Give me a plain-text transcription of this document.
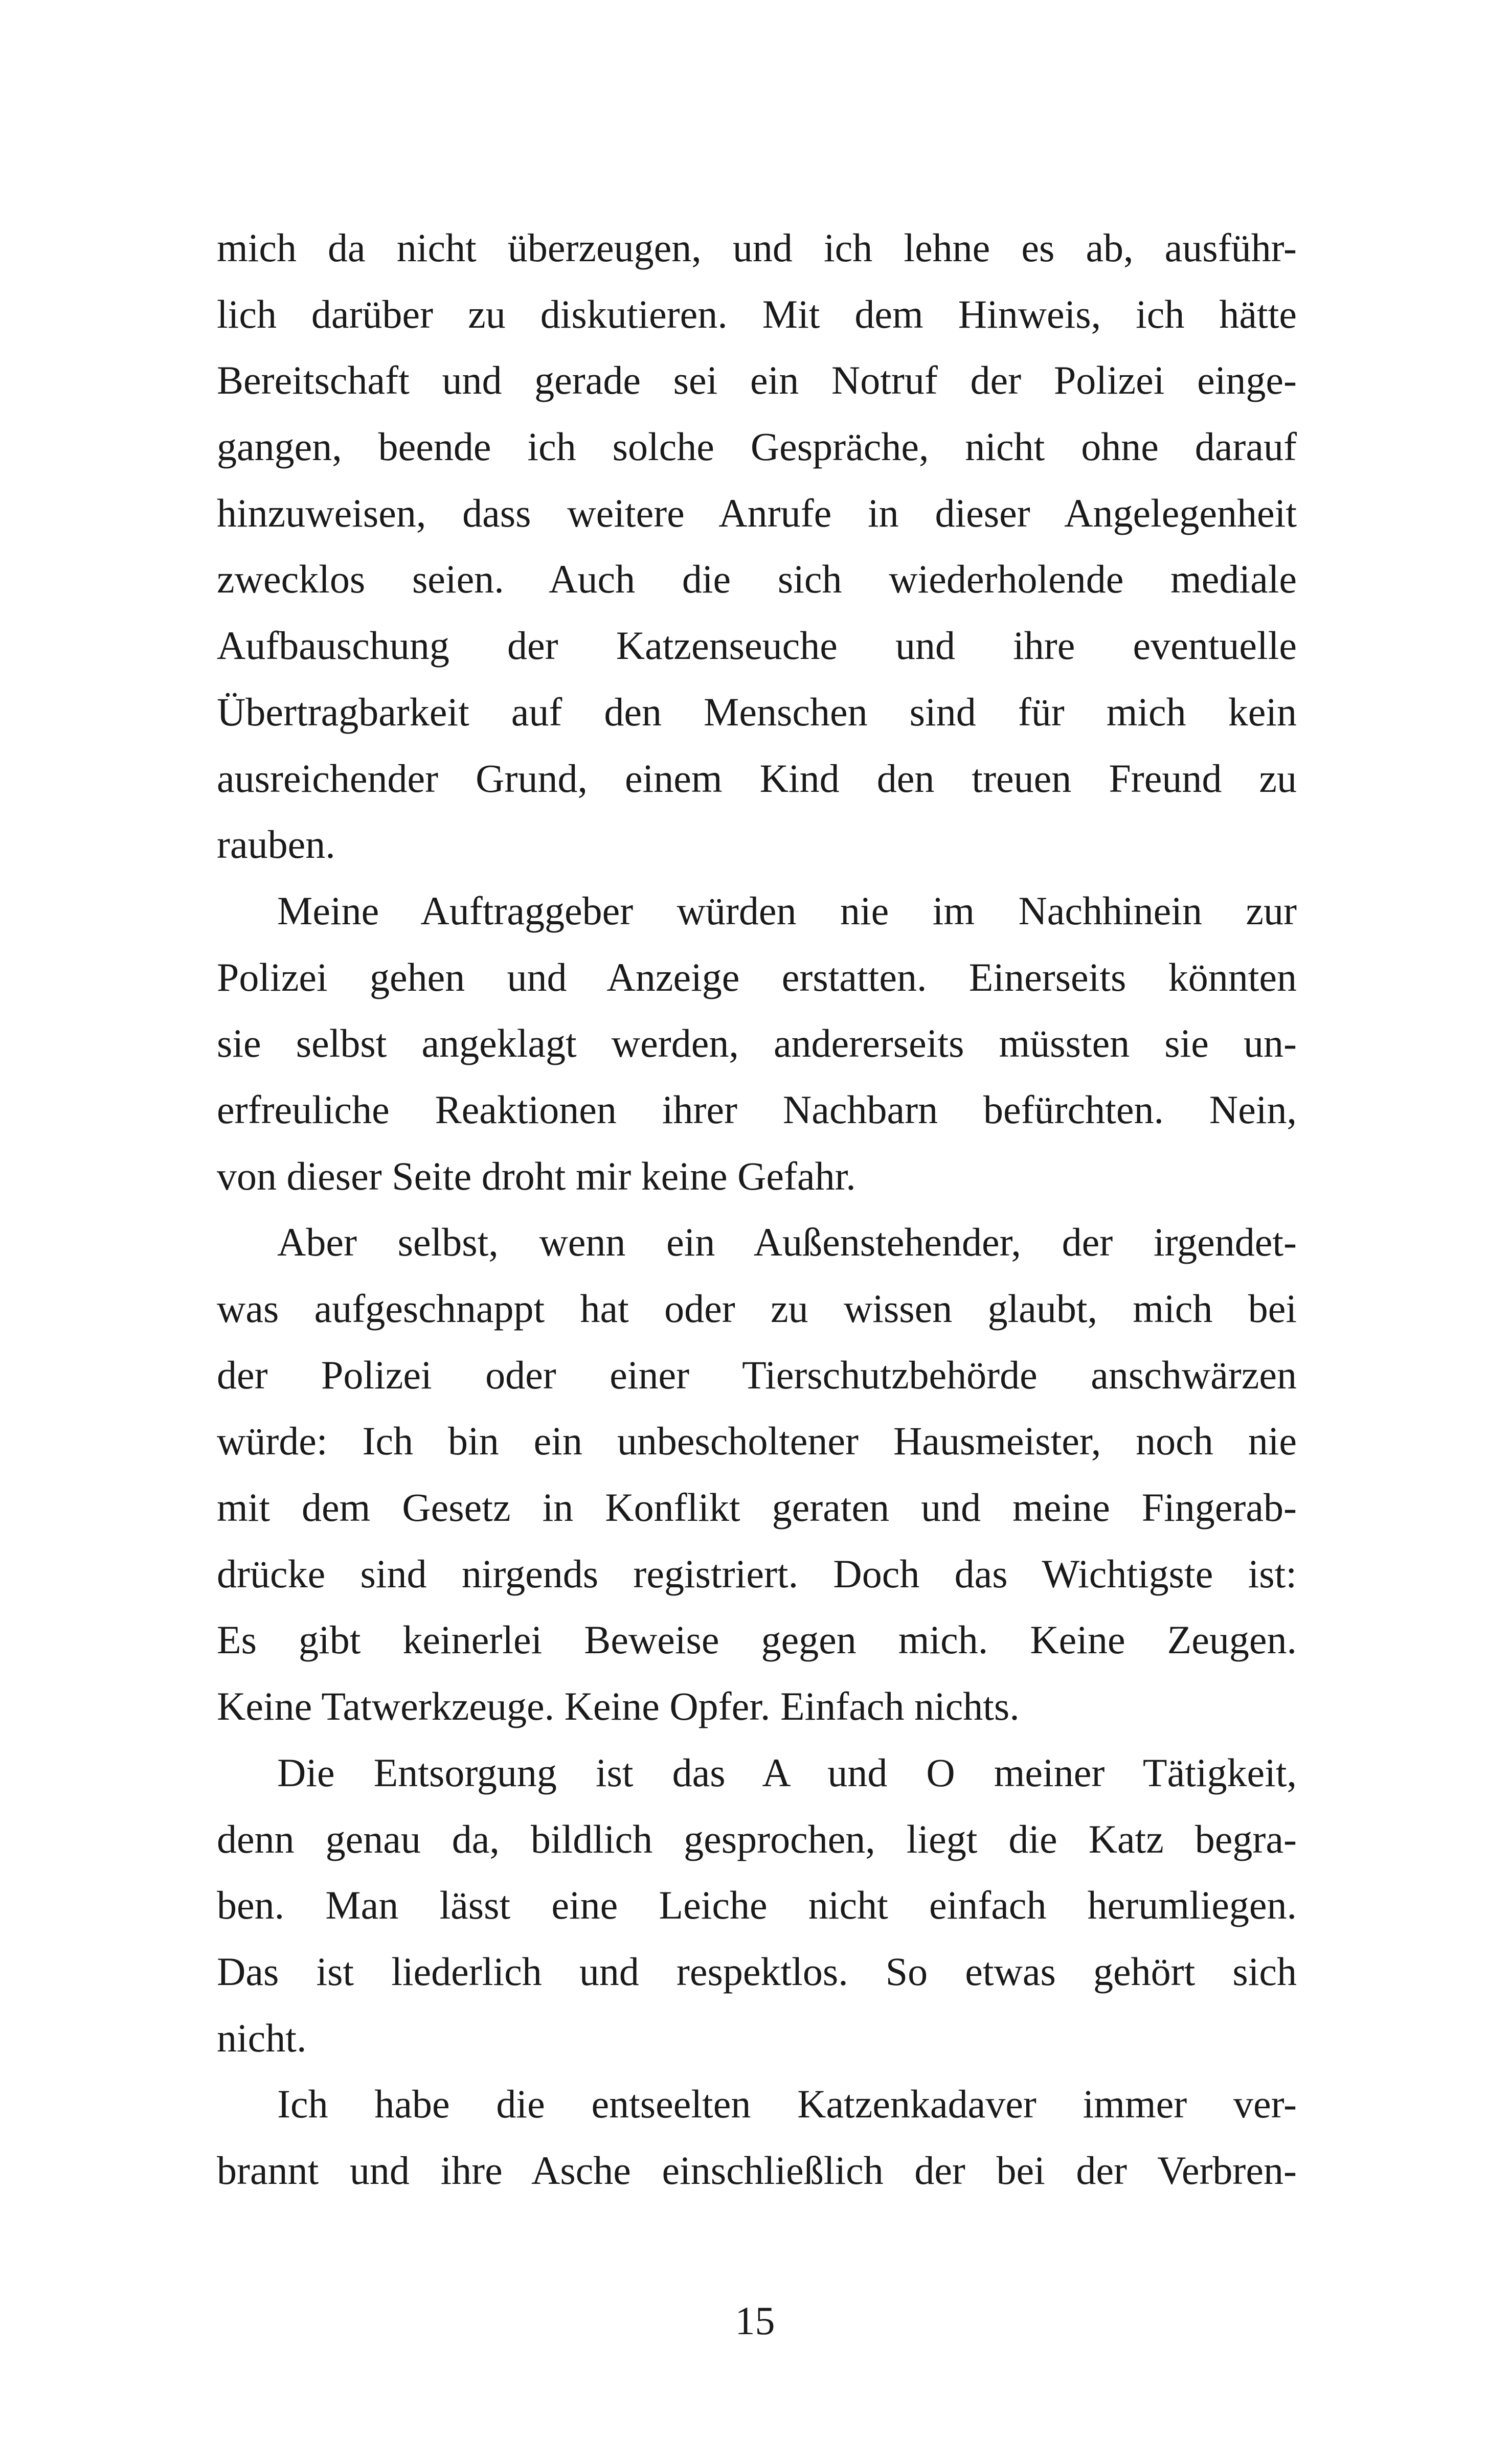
mich da nicht überzeugen, und ich lehne es ab, ausführ-
lich darüber zu diskutieren. Mit dem Hinweis, ich hätte
Bereitschaft und gerade sei ein Notruf der Polizei einge-
gangen, beende ich solche Gespräche, nicht ohne darauf
hinzuweisen, dass weitere Anrufe in dieser Angelegenheit
zwecklos seien. Auch die sich wiederholende mediale
Aufbauschung der Katzenseuche und ihre eventuelle
Übertragbarkeit auf den Menschen sind für mich kein
ausreichender Grund, einem Kind den treuen Freund zu
rauben.
Meine Auftraggeber würden nie im Nachhinein zur
Polizei gehen und Anzeige erstatten. Einerseits könnten
sie selbst angeklagt werden, andererseits müssten sie un-
erfreuliche Reaktionen ihrer Nachbarn befürchten. Nein,
von dieser Seite droht mir keine Gefahr.
Aber selbst, wenn ein Außenstehender, der irgendet-
was aufgeschnappt hat oder zu wissen glaubt, mich bei
der Polizei oder einer Tierschutzbehörde anschwärzen
würde: Ich bin ein unbescholtener Hausmeister, noch nie
mit dem Gesetz in Konflikt geraten und meine Fingerab-
drücke sind nirgends registriert. Doch das Wichtigste ist:
Es gibt keinerlei Beweise gegen mich. Keine Zeugen.
Keine Tatwerkzeuge. Keine Opfer. Einfach nichts.
Die Entsorgung ist das A und O meiner Tätigkeit,
denn genau da, bildlich gesprochen, liegt die Katz begra-
ben. Man lässt eine Leiche nicht einfach herumliegen.
Das ist liederlich und respektlos. So etwas gehört sich
nicht.
Ich habe die entseelten Katzenkadaver immer ver-
brannt und ihre Asche einschließlich der bei der Verbren-
15
